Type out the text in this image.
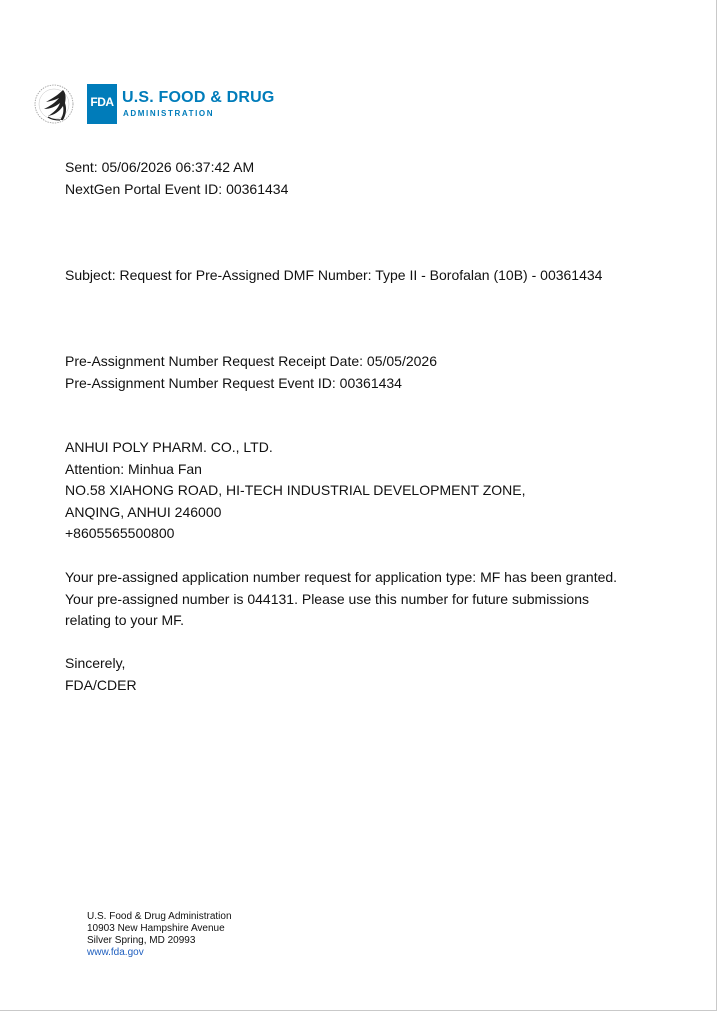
FDA U.S. FOOD & DRUG
ADMINISTRATION
Sent: 05/06/2026 06:37:42 AM
NextGen Portal Event ID: 00361434
Subject: Request for Pre-Assigned DMF Number: Type II - Borofalan (10B) - 00361434
Pre-Assignment Number Request Receipt Date: 05/05/2026
Pre-Assignment Number Request Event ID: 00361434
ANHUI POLY PHARM. CO., LTD.
Attention: Minhua Fan
NO.58 XIAHONG ROAD, HI-TECH INDUSTRIAL DEVELOPMENT ZONE,
ANQING, ANHUI 246000
+8605565500800
Your pre-assigned application number request for application type: MF has been granted.
Your pre-assigned number is 044131. Please use this number for future submissions
relating to your MF.
Sincerely,
FDA/CDER
U.S. Food & Drug Administration
10903 New Hampshire Avenue
Silver Spring, MD 20993
www.fda.gov
